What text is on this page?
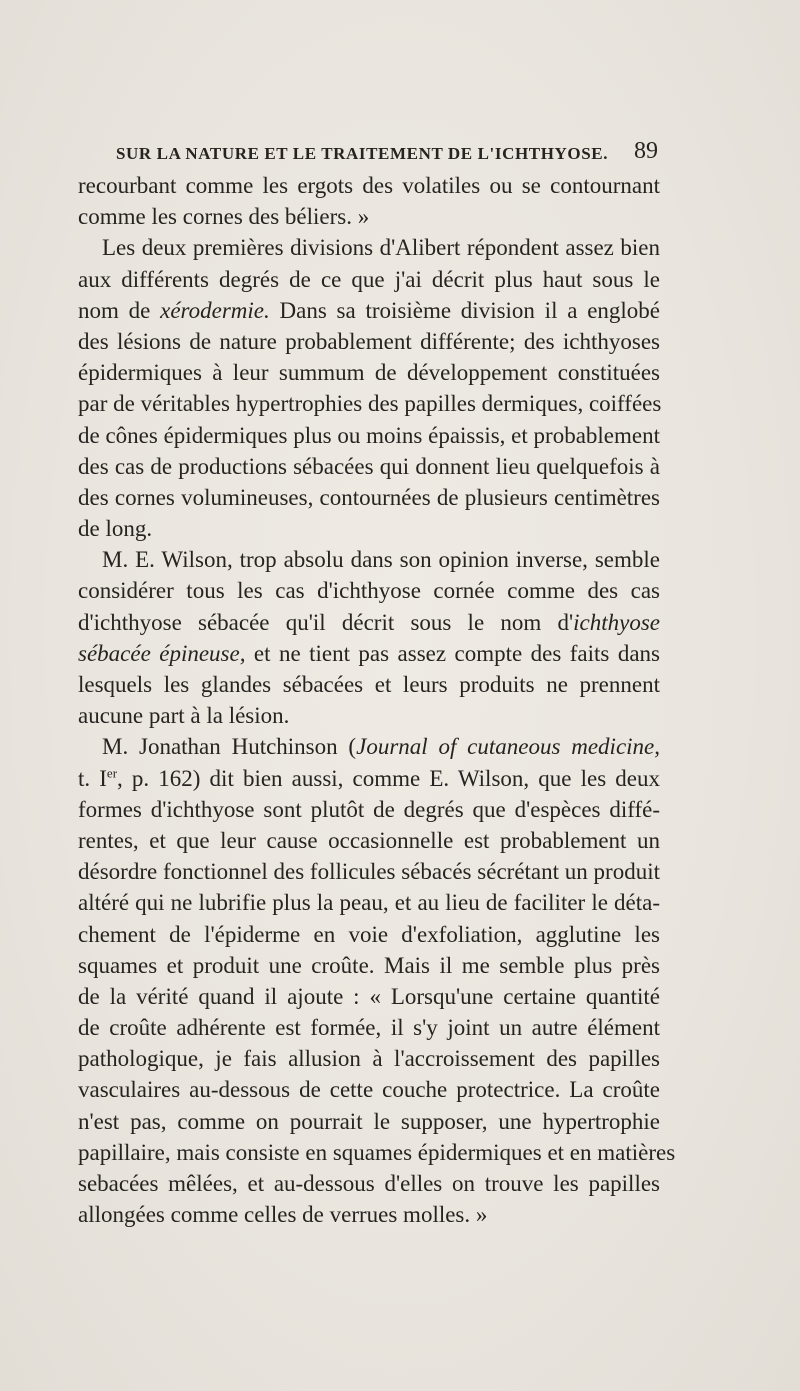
SUR LA NATURE ET LE TRAITEMENT DE L'ICHTHYOSE. 89
recourbant comme les ergots des volatiles ou se contournant
comme les cornes des béliers. »
Les deux premières divisions d'Alibert répondent assez bien
aux différents degrés de ce que j'ai décrit plus haut sous le
nom de xérodermie. Dans sa troisième division il a englobé
des lésions de nature probablement différente; des ichthyoses
épidermiques à leur summum de développement constituées
par de véritables hypertrophies des papilles dermiques, coiffées
de cônes épidermiques plus ou moins épaissis, et probablement
des cas de productions sébacées qui donnent lieu quelquefois à
des cornes volumineuses, contournées de plusieurs centimètres
de long.
M. E. Wilson, trop absolu dans son opinion inverse, semble
considérer tous les cas d'ichthyose cornée comme des cas
d'ichthyose sébacée qu'il décrit sous le nom d'ichthyose
sébacée épineuse, et ne tient pas assez compte des faits dans
lesquels les glandes sébacées et leurs produits ne prennent
aucune part à la lésion.
M. Jonathan Hutchinson (Journal of cutaneous medicine,
t. Ier, p. 162) dit bien aussi, comme E. Wilson, que les deux
formes d'ichthyose sont plutôt de degrés que d'espèces diffé-
rentes, et que leur cause occasionnelle est probablement un
désordre fonctionnel des follicules sébacés sécrétant un produit
altéré qui ne lubrifie plus la peau, et au lieu de faciliter le déta-
chement de l'épiderme en voie d'exfoliation, agglutine les
squames et produit une croûte. Mais il me semble plus près
de la vérité quand il ajoute : « Lorsqu'une certaine quantité
de croûte adhérente est formée, il s'y joint un autre élément
pathologique, je fais allusion à l'accroissement des papilles
vasculaires au-dessous de cette couche protectrice. La croûte
n'est pas, comme on pourrait le supposer, une hypertrophie
papillaire, mais consiste en squames épidermiques et en matières
sebacées mêlées, et au-dessous d'elles on trouve les papilles
allongées comme celles de verrues molles. »
